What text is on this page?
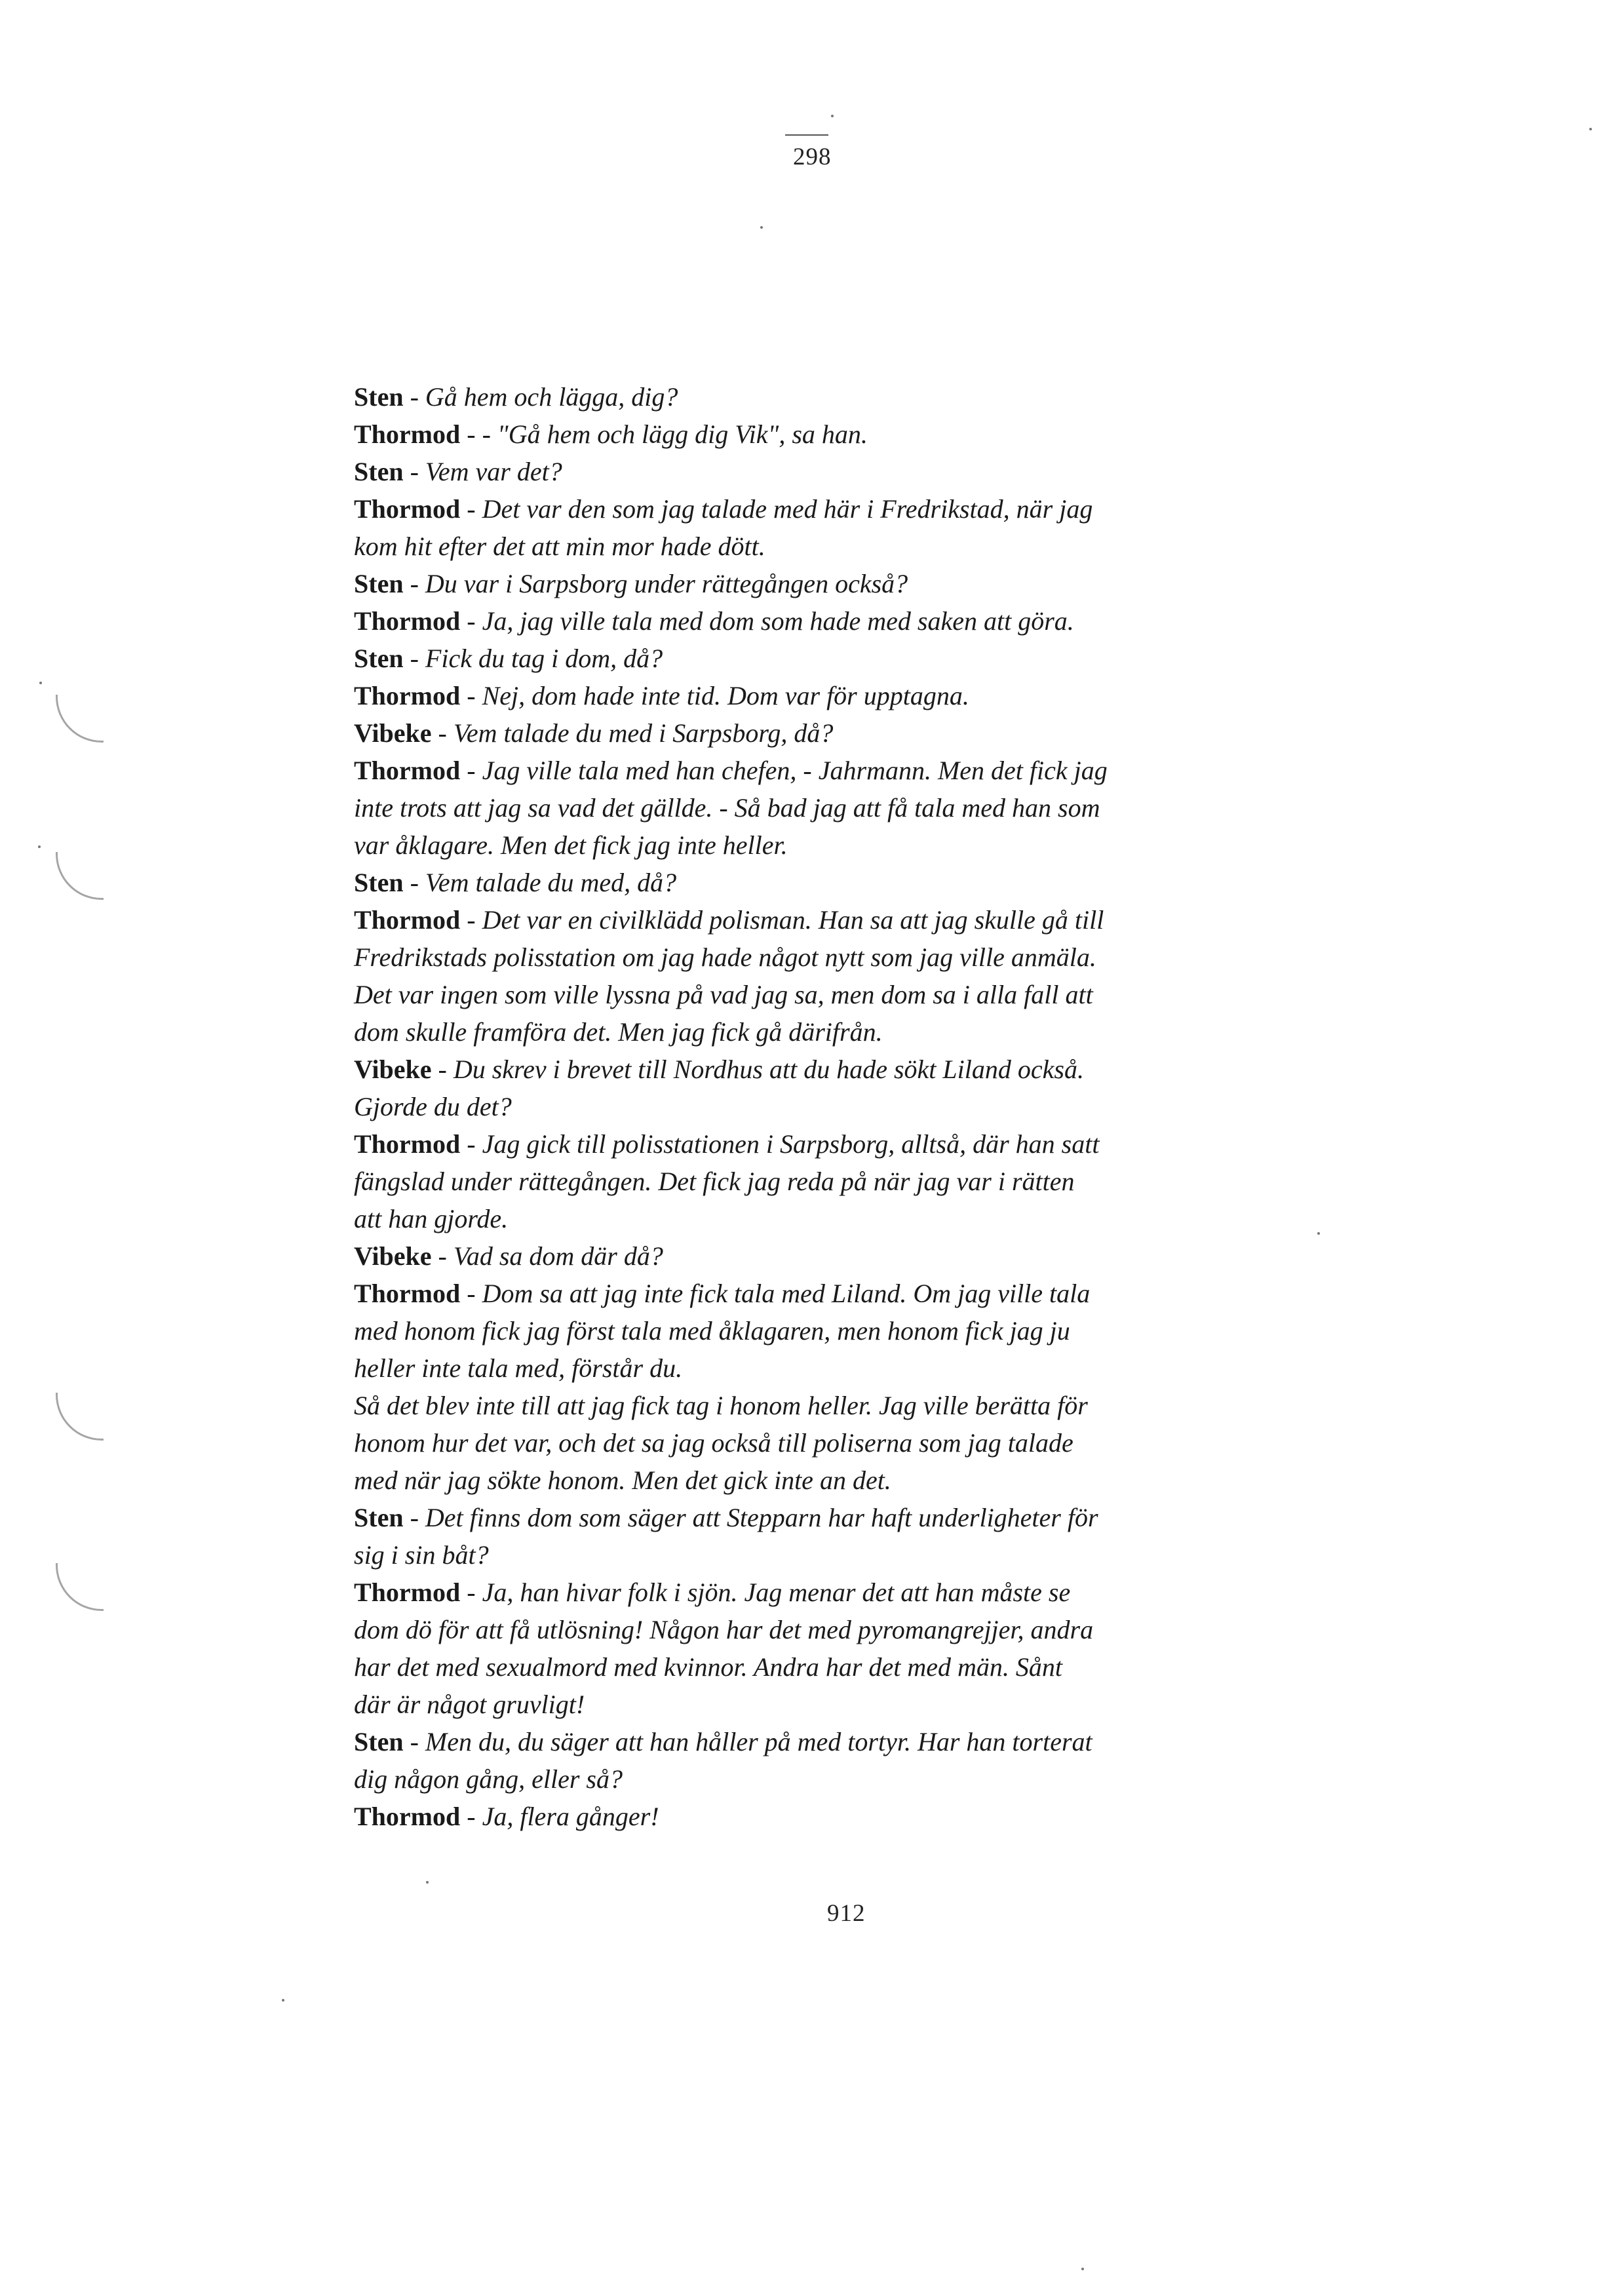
298
Sten - Gå hem och läggа, dig?
Thormod - - "Gå hem och lägg dig Vik", sa han.
Sten - Vem var det?
Thormod - Det var den som jag talade med här i Fredrikstad, när jag
kom hit efter det att min mor hade dött.
Sten - Du var i Sarpsborg under rättegången också?
Thormod - Ja, jag ville tala med dom som hade med saken att göra.
Sten - Fick du tag i dom, då?
Thormod - Nej, dom hade inte tid. Dom var för upptagna.
Vibeke - Vem talade du med i Sarpsborg, då?
Thormod - Jag ville tala med han chefen, - Jahrmann. Men det fick jag
inte trots att jag sa vad det gällde. - Så bad jag att få tala med han som
var åklagare. Men det fick jag inte heller.
Sten - Vem talade du med, då?
Thormod - Det var en civilklädd polisman. Han sa att jag skulle gå till
Fredrikstads polisstation om jag hade något nytt som jag ville anmäla.
Det var ingen som ville lyssna på vad jag sa, men dom sa i alla fall att
dom skulle framföra det. Men jag fick gå därifrån.
Vibeke - Du skrev i brevet till Nordhus att du hade sökt Liland också.
Gjorde du det?
Thormod - Jag gick till polisstationen i Sarpsborg, alltså, där han satt
fängslad under rättegången. Det fick jag reda på när jag var i rätten
att han gjorde.
Vibeke - Vad sa dom där då?
Thormod - Dom sa att jag inte fick tala med Liland. Om jag ville tala
med honom fick jag först tala med åklagaren, men honom fick jag ju
heller inte tala med, förstår du.
Så det blev inte till att jag fick tag i honom heller. Jag ville berätta för
honom hur det var, och det sa jag också till poliserna som jag talade
med när jag sökte honom. Men det gick inte an det.
Sten - Det finns dom som säger att Stepparn har haft underligheter för
sig i sin båt?
Thormod - Ja, han hivar folk i sjön. Jag menar det att han måste se
dom dö för att få utlösning! Någon har det med pyromangrejjer, andra
har det med sexualmord med kvinnor. Andra har det med män. Sånt
där är något gruvligt!
Sten - Men du, du säger att han håller på med tortyr. Har han torterat
dig någon gång, eller så?
Thormod - Ja, flera gånger!
912
